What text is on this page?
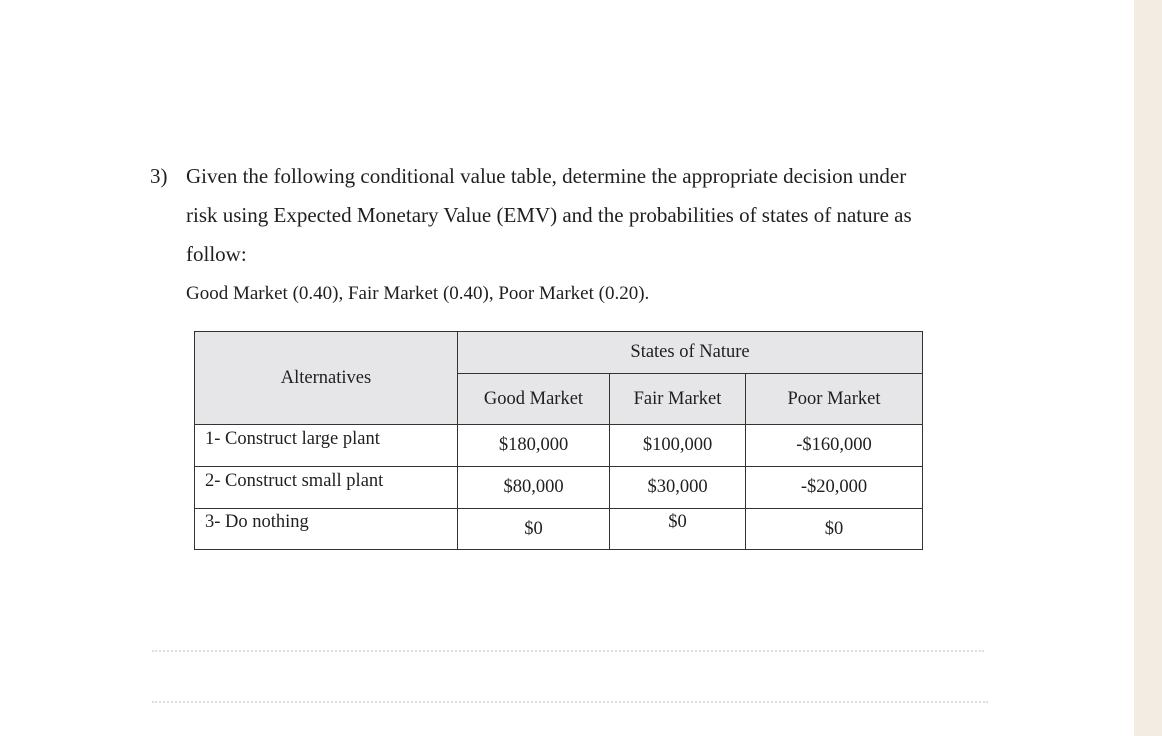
3) Given the following conditional value table, determine the appropriate decision under
risk using Expected Monetary Value (EMV) and the probabilities of states of nature as
follow:
Good Market (0.40), Fair Market (0.40), Poor Market (0.20).
Alternatives
States of Nature
Good Market	Fair Market	Poor Market
1- Construct large plant	$180,000	$100,000	-$160,000
2- Construct small plant	$80,000	$30,000	-$20,000
3- Do nothing	$0	$0	$0
